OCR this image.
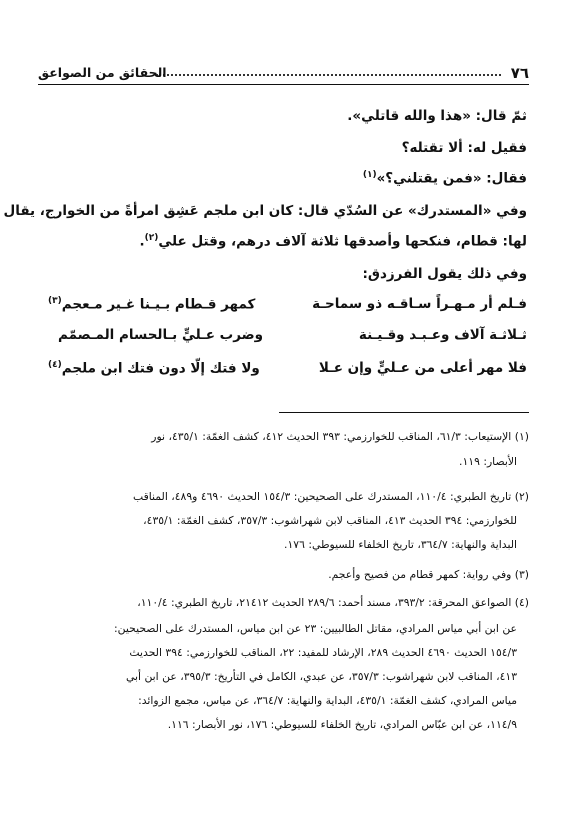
٧٦
الحقائق من الصواعق
ثمّ قال: «هذا والله قاتلي».
فقيل له: ألا تقتله؟
فقال: «فمن يقتلني؟»$^{(١)}$
وفي «المستدرك» عن السُدّي قال: كان ابن ملجم عَشِق امرأةً من الخوارج، يقال
لها: قطام، فنكحها وأصدقها ثلاثة آلاف درهم، وقتل علي$^{(٢)}$.
وفي ذلك يقول الفرزدق:
فـلم أر مـهـراً سـاقـه ذو سماحـة
كمهر قـطام بـيـنا غـير مـعجم$^{(٣)}$
ثـلاثـة آلاف وعـبـد وقـيـنة
وضرب عـليٍّ بـالحسام المـصمّم
فلا مهر أعلى من عـليٍّ وإن عـلا
ولا فتك إلّا دون فتك ابن ملجم$^{(٤)}$
(١) الإستيعاب: ٦١/٣، المناقب للخوارزمي: ٣٩٣ الحديث ٤١٢، كشف الغمّة: ٤٣٥/١، نور
الأبصار: ١١٩.
(٢) تاريخ الطبري: ١١٠/٤، المستدرك على الصحيحين: ١٥٤/٣ الحديث ٤٦٩٠ و٤٨٩، المناقب
للخوارزمي: ٣٩٤ الحديث ٤١٣، المناقب لابن شهراشوب: ٣٥٧/٣، كشف الغمّة: ٤٣٥/١،
البداية والنهاية: ٣٦٤/٧، تاريخ الخلفاء للسيوطي: ١٧٦.
(٣) وفي رواية: كمهر قطام من فصيح وأعجم.
(٤) الصواعق المحرقة: ٣٩٣/٢، مسند أحمد: ٢٨٩/٦ الحديث ٢١٤١٢، تاريخ الطبري: ١١٠/٤،
عن ابن أبي مياس المرادي، مقاتل الطالبيين: ٢٣ عن ابن مياس، المستدرك على الصحيحين:
١٥٤/٣ الحديث ٤٦٩٠ الحديث ٢٨٩، الإرشاد للمفيد: ٢٢، المناقب للخوارزمي: ٣٩٤ الحديث
٤١٣، المناقب لابن شهراشوب: ٣٥٧/٣، عن عبدي، الكامل في التأريخ: ٣٩٥/٣، عن ابن أبي
مياس المرادي، كشف الغمّة: ٤٣٥/١، البداية والنهاية: ٣٦٤/٧، عن مياس، مجمع الزوائد:
١١٤/٩، عن ابن عبّاس المرادي، تاريخ الخلفاء للسيوطي: ١٧٦، نور الأبصار: ١١٦.
